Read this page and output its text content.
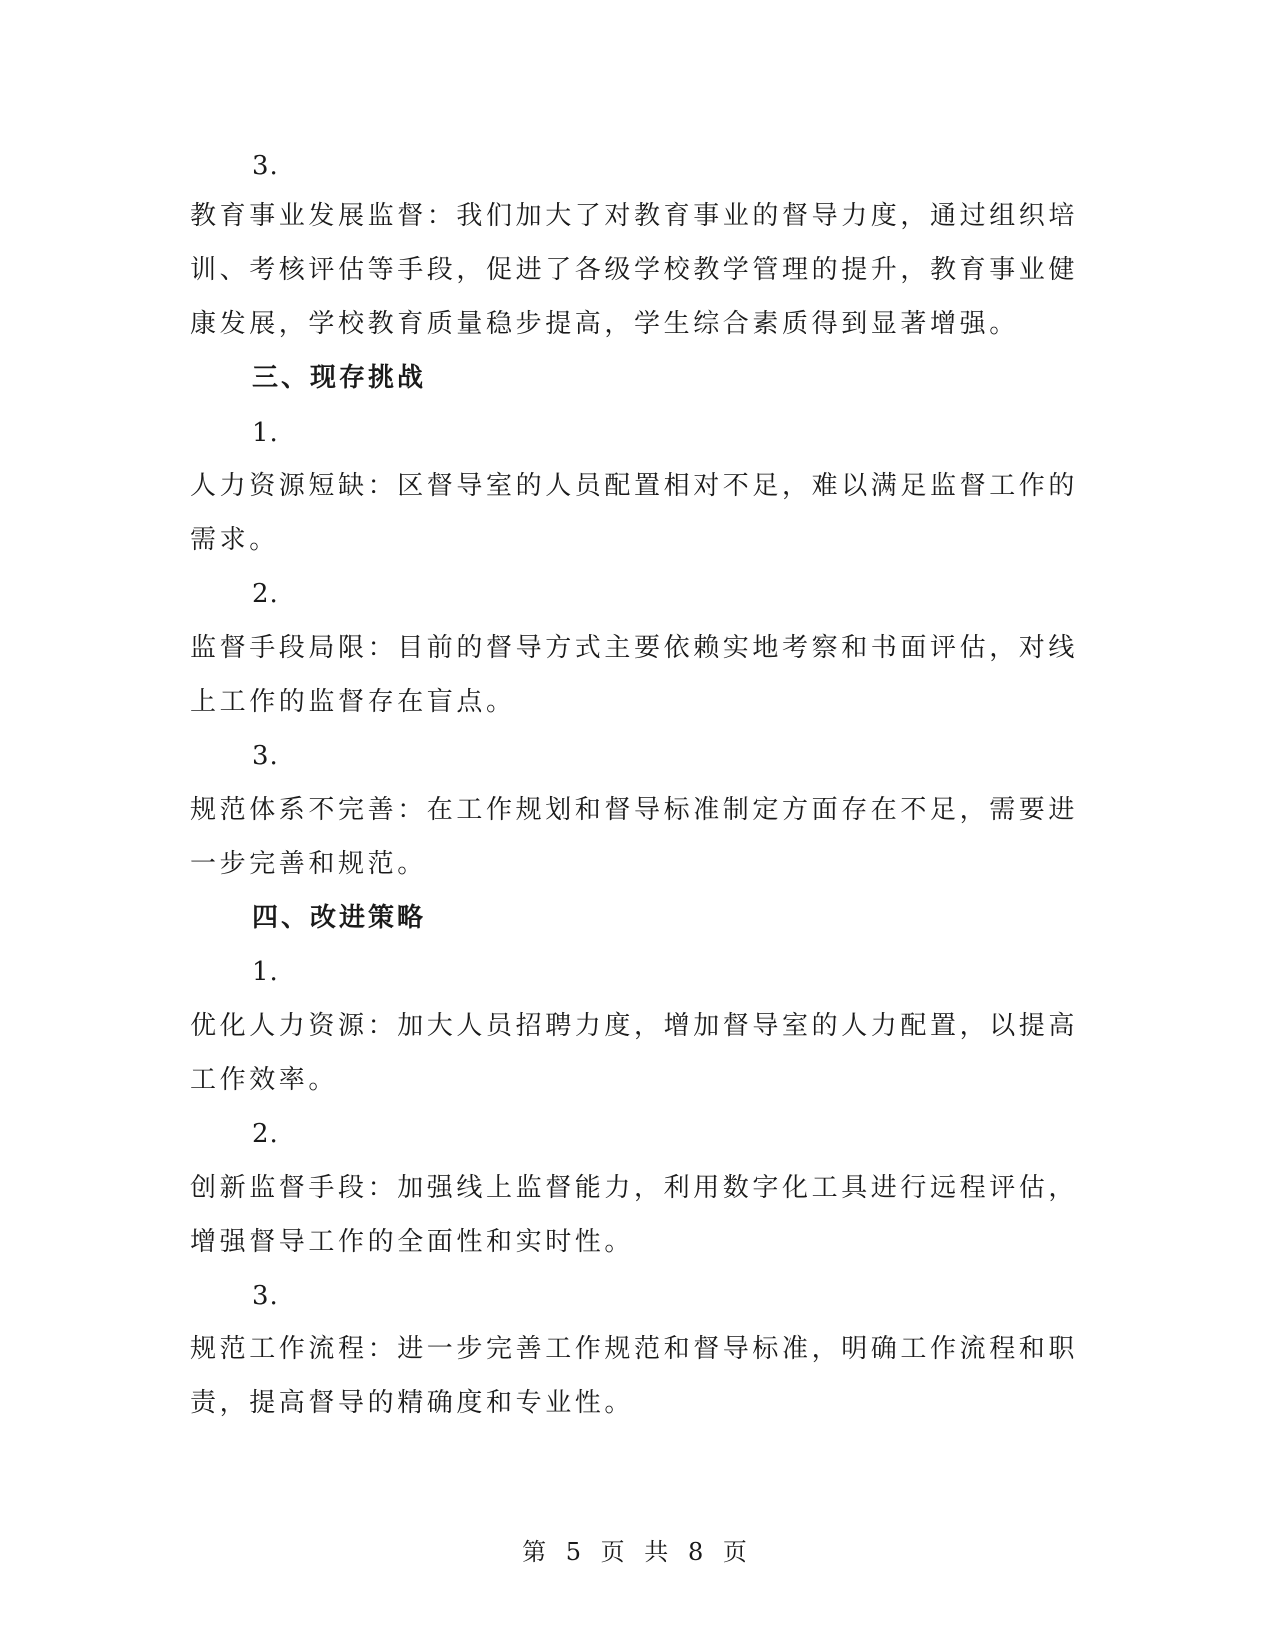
3.
教育事业发展监督：我们加大了对教育事业的督导力度，通过组织培
训、考核评估等手段，促进了各级学校教学管理的提升，教育事业健
康发展，学校教育质量稳步提高，学生综合素质得到显著增强。
三、现存挑战
1.
人力资源短缺：区督导室的人员配置相对不足，难以满足监督工作的
需求。
2.
监督手段局限：目前的督导方式主要依赖实地考察和书面评估，对线
上工作的监督存在盲点。
3.
规范体系不完善：在工作规划和督导标准制定方面存在不足，需要进
一步完善和规范。
四、改进策略
1.
优化人力资源：加大人员招聘力度，增加督导室的人力配置，以提高
工作效率。
2.
创新监督手段：加强线上监督能力，利用数字化工具进行远程评估，
增强督导工作的全面性和实时性。
3.
规范工作流程：进一步完善工作规范和督导标准，明确工作流程和职
责，提高督导的精确度和专业性。
第 5 页 共 8 页
